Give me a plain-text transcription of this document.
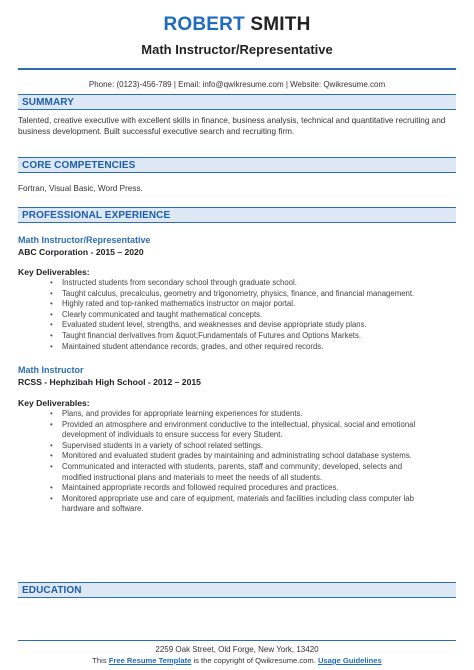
ROBERT SMITH
Math Instructor/Representative
Phone: (0123)-456-789 | Email: info@qwikresume.com | Website: Qwikresume.com
SUMMARY
Talented, creative executive with excellent skills in finance, business analysis, technical and quantitative recruiting and business development. Built successful executive search and recruiting firm.
CORE COMPETENCIES
Fortran, Visual Basic, Word Press.
PROFESSIONAL EXPERIENCE
Math Instructor/Representative
ABC Corporation - 2015 – 2020
Key Deliverables:
• Instructed students from secondary school through graduate school.
• Taught calculus, precalculus, geometry and trigonometry, physics, finance, and financial management.
• Highly rated and top-ranked mathematics instructor on major portal.
• Clearly communicated and taught mathematical concepts.
• Evaluated student level, strengths, and weaknesses and devise appropriate study plans.
• Taught financial derivatives from &quot;Fundamentals of Futures and Options Markets.
• Maintained student attendance records, grades, and other required records.
Math Instructor
RCSS - Hephzibah High School - 2012 – 2015
Key Deliverables:
• Plans, and provides for appropriate learning experiences for students.
• Provided an atmosphere and environment conductive to the intellectual, physical, social and emotional development of individuals to ensure success for every Student.
• Supervised students in a variety of school related settings.
• Monitored and evaluated student grades by maintaining and administrating school database systems.
• Communicated and interacted with students, parents, staff and community; developed, selects and modified instructional plans and materials to meet the needs of all students.
• Maintained appropriate records and followed required procedures and practices.
• Monitored appropriate use and care of equipment, materials and facilities including class computer lab hardware and software.
EDUCATION
2259 Oak Street, Old Forge, New York, 13420
This Free Resume Template is the copyright of Qwikresume.com. Usage Guidelines
